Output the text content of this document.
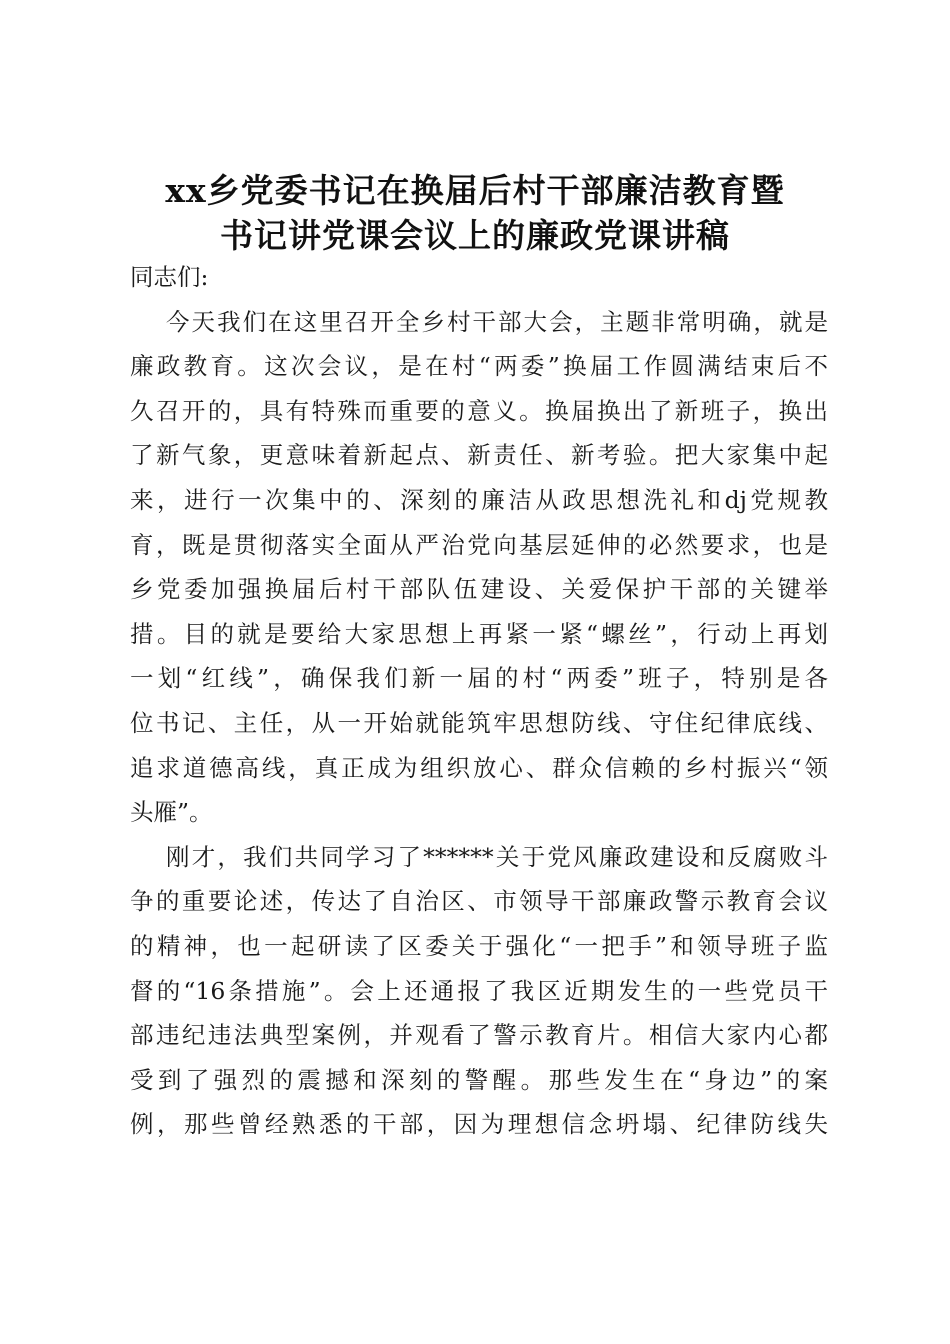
xx乡党委书记在换届后村干部廉洁教育暨
书记讲党课会议上的廉政党课讲稿
同志们:
今天我们在这里召开全乡村干部大会，主题非常明确，就是
廉政教育。这次会议，是在村“两委”换届工作圆满结束后不
久召开的，具有特殊而重要的意义。换届换出了新班子，换出
了新气象，更意味着新起点、新责任、新考验。把大家集中起
来，进行一次集中的、深刻的廉洁从政思想洗礼和dj党规教
育，既是贯彻落实全面从严治党向基层延伸的必然要求，也是
乡党委加强换届后村干部队伍建设、关爱保护干部的关键举
措。目的就是要给大家思想上再紧一紧“螺丝”，行动上再划
一划“红线”，确保我们新一届的村“两委”班子，特别是各
位书记、主任，从一开始就能筑牢思想防线、守住纪律底线、
追求道德高线，真正成为组织放心、群众信赖的乡村振兴“领
头雁”。
刚才，我们共同学习了******关于党风廉政建设和反腐败斗
争的重要论述，传达了自治区、市领导干部廉政警示教育会议
的精神，也一起研读了区委关于强化“一把手”和领导班子监
督的“16条措施”。会上还通报了我区近期发生的一些党员干
部违纪违法典型案例，并观看了警示教育片。相信大家内心都
受到了强烈的震撼和深刻的警醒。那些发生在“身边”的案
例，那些曾经熟悉的干部，因为理想信念坍塌、纪律防线失
